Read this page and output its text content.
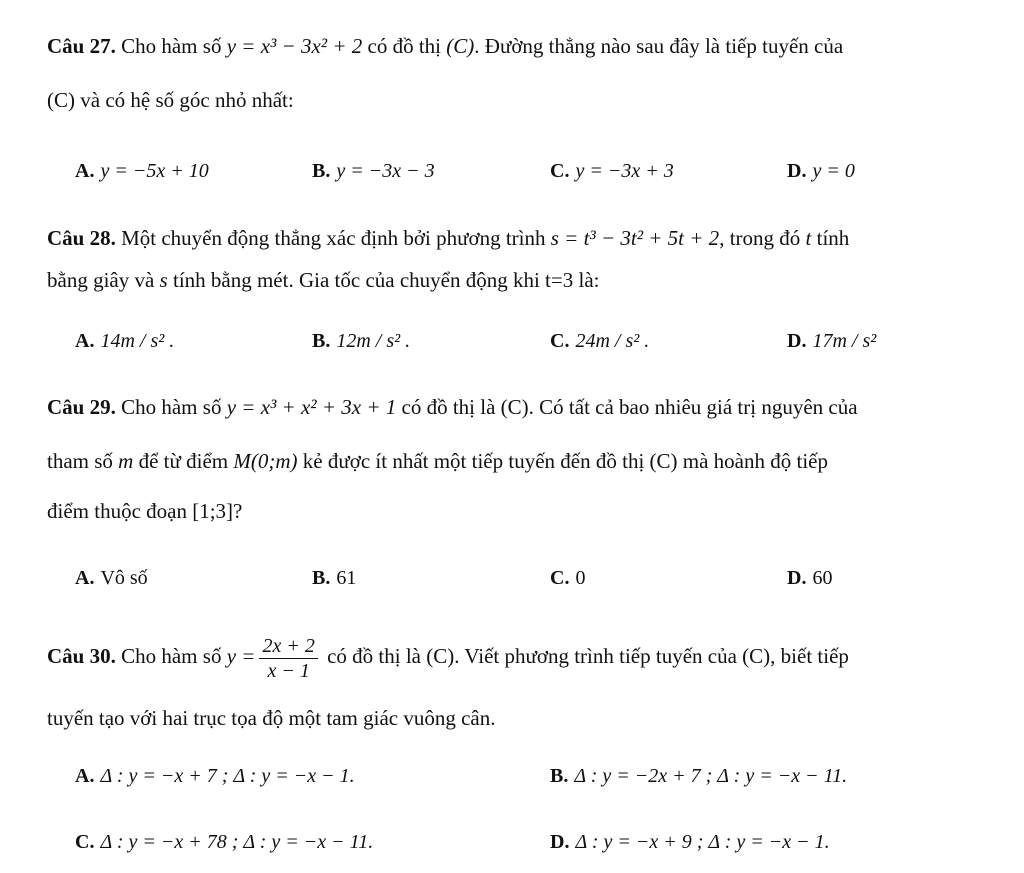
Câu 27. Cho hàm số y = x³ − 3x² + 2 có đồ thị (C). Đường thẳng nào sau đây là tiếp tuyến của
(C) và có hệ số góc nhỏ nhất:
A. y = −5x + 10	B. y = −3x − 3	C. y = −3x + 3	D. y = 0
Câu 28. Một chuyển động thẳng xác định bởi phương trình s = t³ − 3t² + 5t + 2, trong đó t tính
bằng giây và s tính bằng mét. Gia tốc của chuyển động khi t=3 là:
A. 14m / s² .	B. 12m / s² .	C. 24m / s² .	D. 17m / s²
Câu 29. Cho hàm số y = x³ + x² + 3x + 1 có đồ thị là (C). Có tất cả bao nhiêu giá trị nguyên của
tham số m để từ điểm M(0;m) kẻ được ít nhất một tiếp tuyến đến đồ thị (C) mà hoành độ tiếp
điểm thuộc đoạn [1;3]?
A. Vô số	B. 61	C. 0	D. 60
Câu 30. Cho hàm số $y = \frac{2x + 2}{x - 1}$ có đồ thị là (C). Viết phương trình tiếp tuyến của (C), biết tiếp
tuyến tạo với hai trục tọa độ một tam giác vuông cân.
A. Δ : y = −x + 7 ; Δ : y = −x − 1.	B. Δ : y = −2x + 7 ; Δ : y = −x − 11.
C. Δ : y = −x + 78 ; Δ : y = −x − 11.	D. Δ : y = −x + 9 ; Δ : y = −x − 1.
